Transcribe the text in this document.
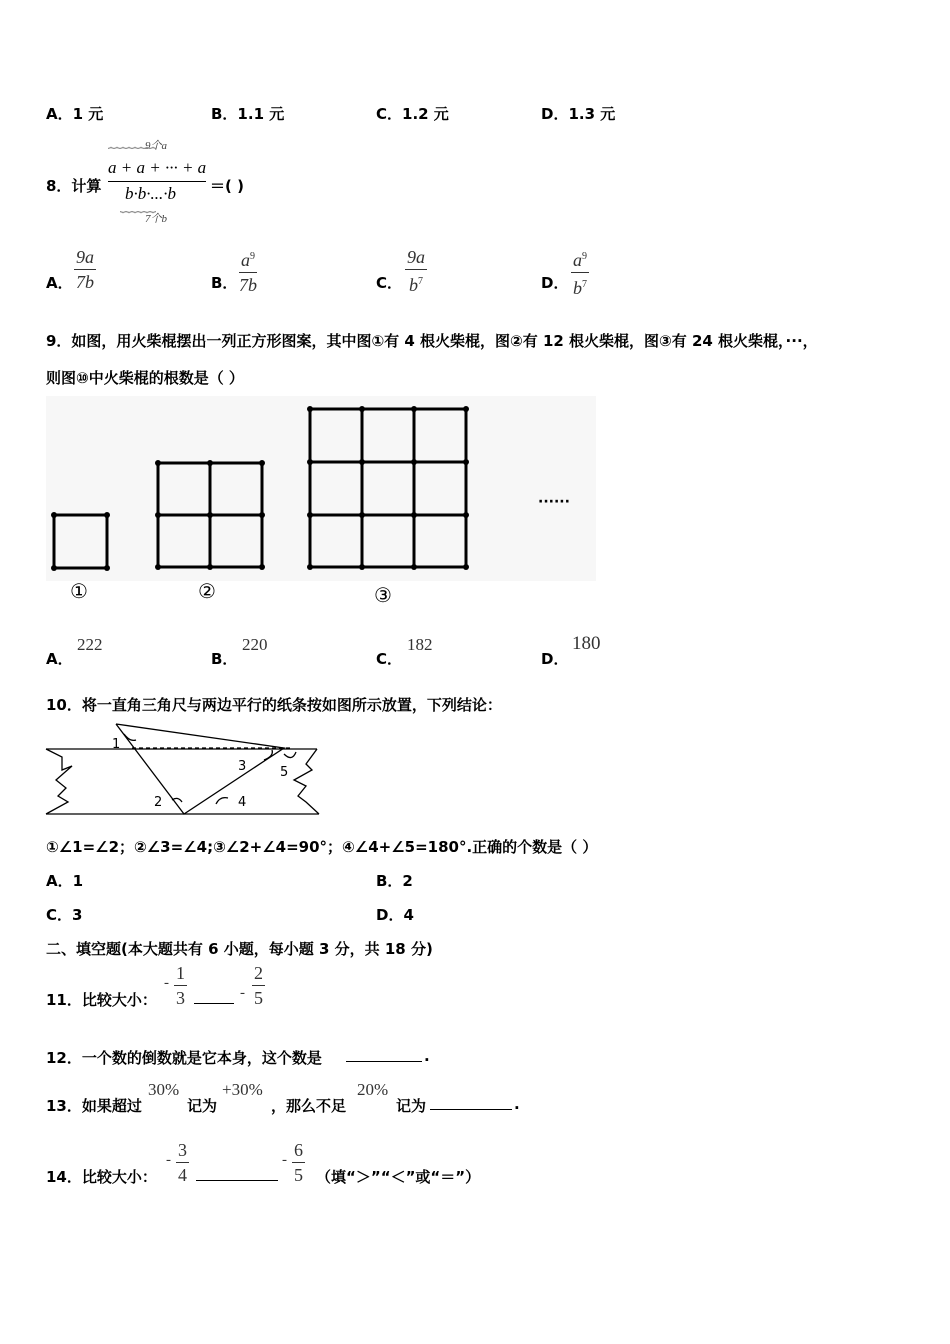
A．1 元	B．1.1 元	C．1.2 元	D．1.3 元
8．计算
9个a
⏞⏞⏞⏞⏞⏞⏞⏞
a + a + ··· + a
b·b·...·b
⏟⏟⏟⏟⏟⏟
7个b
＝( )
A． $\frac{9a}{7b}$	B． $\frac{a^9}{7b}$	C． $\frac{9a}{b^7}$	D． $\frac{a^9}{b^7}$
9．如图，用火柴棍摆出一列正方形图案，其中图①有 4 根火柴棍，图②有 12 根火柴棍，图③有 24 根火柴棍，···，
则图⑩中火柴棍的根数是（ ）
①	②	③
······
A．
222
B．
220
C．
182
D．
180
10．将一直角三角尺与两边平行的纸条按如图所示放置，下列结论：
1
2
3
4
5
①∠1=∠2；②∠3=∠4;③∠2+∠4=90°；④∠4+∠5=180°.正确的个数是（ ）
A．1	B．2
C．3	D．4
二、填空题(本大题共有 6 小题，每小题 3 分，共 18 分)
11．比较大小：
- $\frac{1}{3}$	- $\frac{2}{5}$
12．一个数的倒数就是它本身，这个数是	.
13．如果超过
30%
记为
+30%
，那么不足
20%
记为	.
14．比较大小：
- $\frac{3}{4}$	- $\frac{6}{5}$ （填“＞”“＜”或“＝”）
